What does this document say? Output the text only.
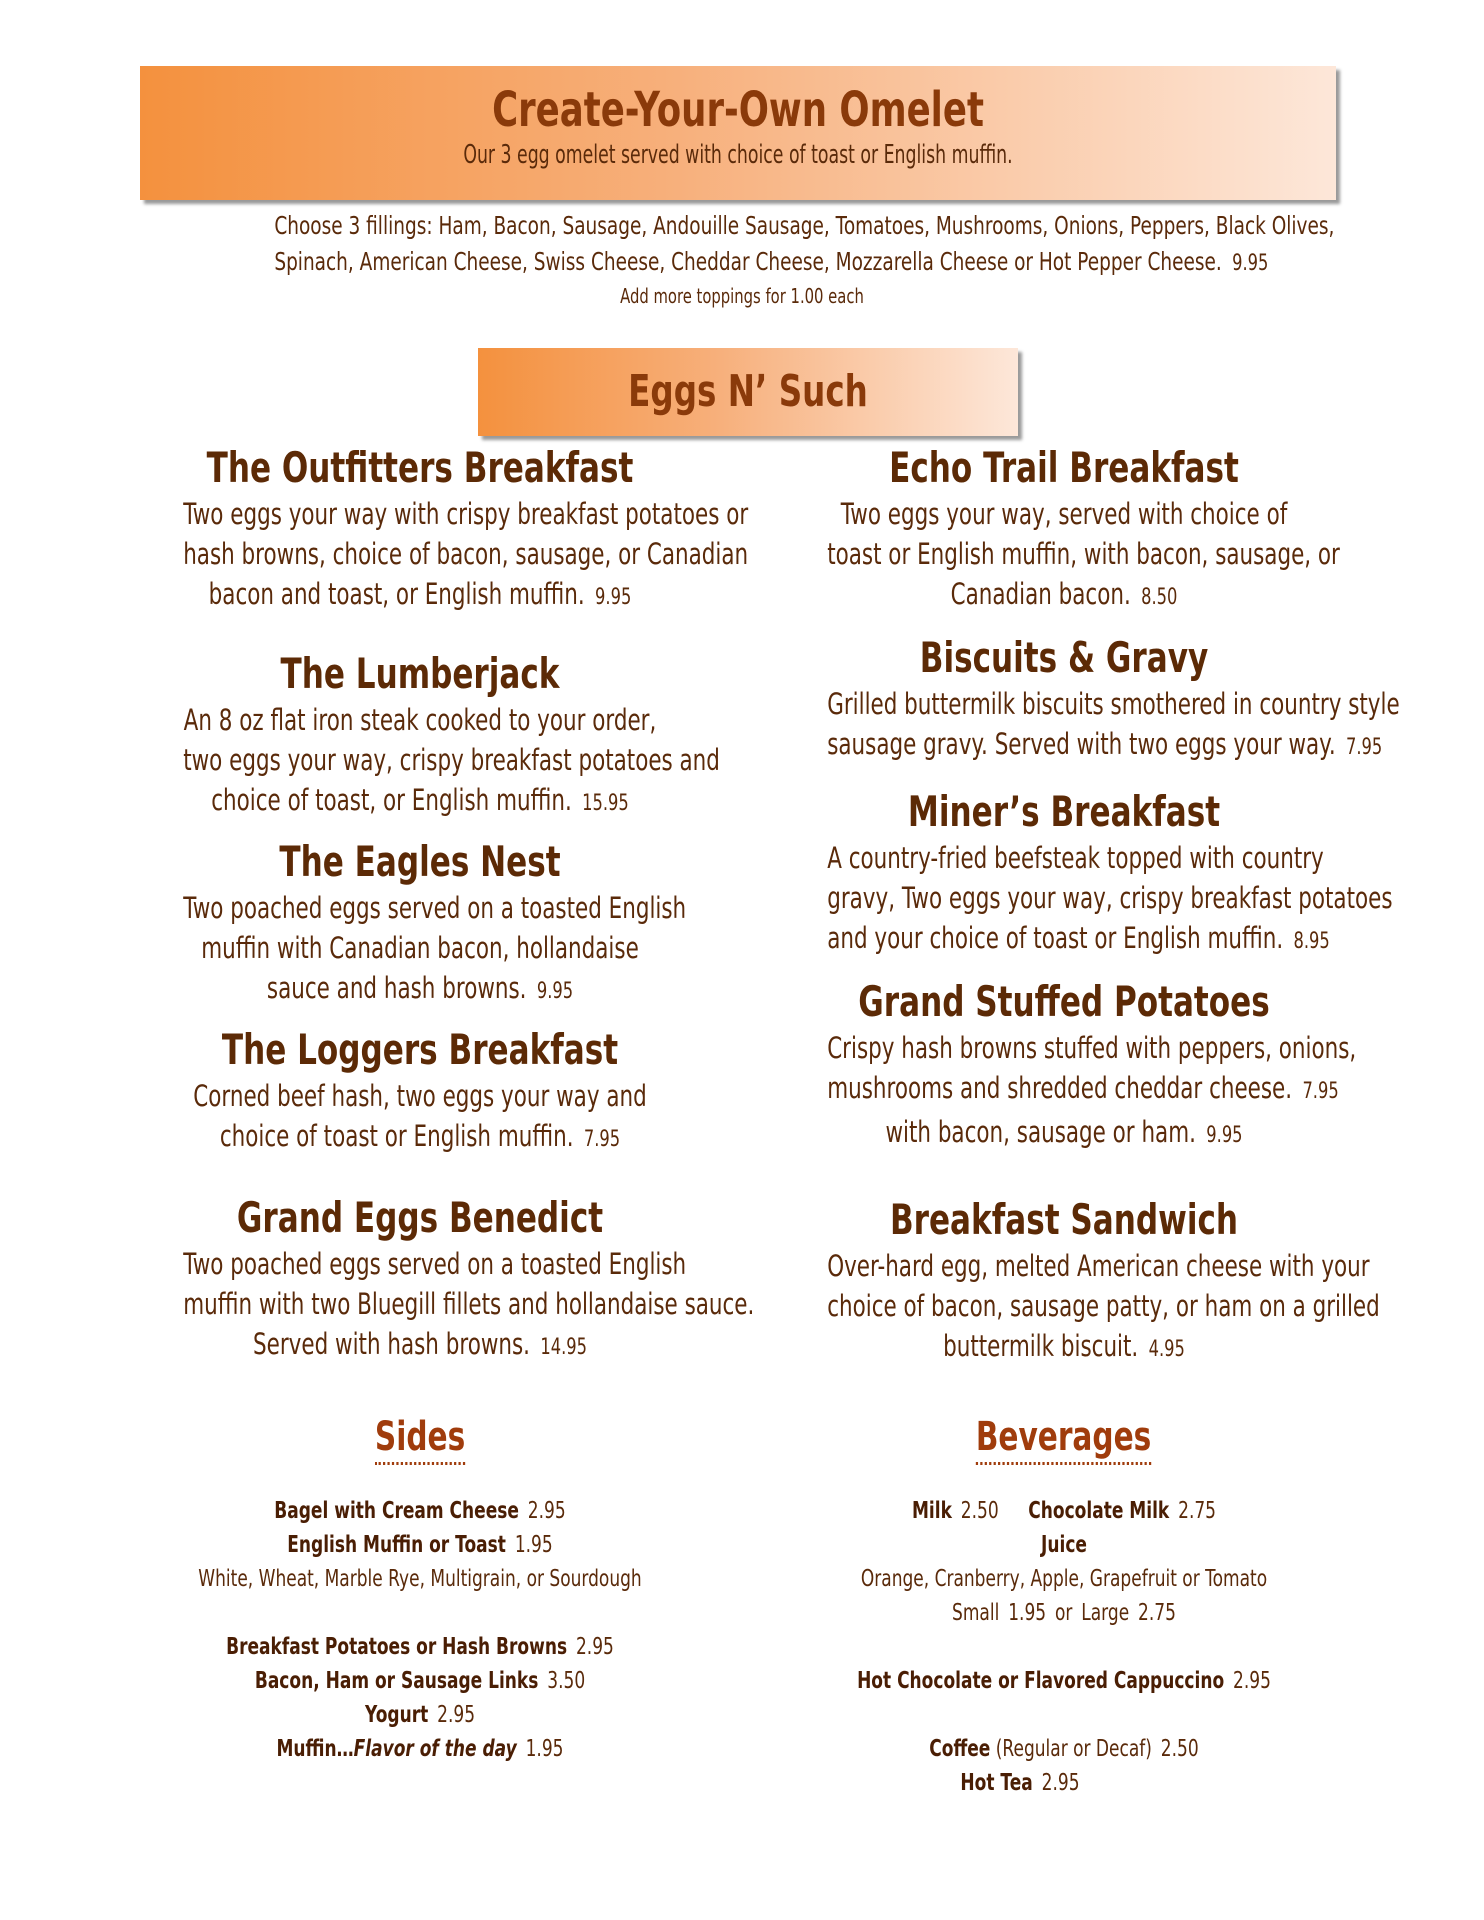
Create-Your-Own Omelet
Our 3 egg omelet served with choice of toast or English muffin.
Choose 3 fillings: Ham, Bacon, Sausage, Andouille Sausage, Tomatoes, Mushrooms, Onions, Peppers, Black Olives,
Spinach, American Cheese, Swiss Cheese, Cheddar Cheese, Mozzarella Cheese or Hot Pepper Cheese. 9.95
Add more toppings for 1.00 each
Eggs N’ Such
The Outfitters Breakfast
Two eggs your way with crispy breakfast potatoes or
hash browns, choice of bacon, sausage, or Canadian
bacon and toast, or English muffin. 9.95
The Lumberjack
An 8 oz flat iron steak cooked to your order,
two eggs your way, crispy breakfast potatoes and
choice of toast, or English muffin. 15.95
The Eagles Nest
Two poached eggs served on a toasted English
muffin with Canadian bacon, hollandaise
sauce and hash browns. 9.95
The Loggers Breakfast
Corned beef hash, two eggs your way and
choice of toast or English muffin. 7.95
Grand Eggs Benedict
Two poached eggs served on a toasted English
muffin with two Bluegill fillets and hollandaise sauce.
Served with hash browns. 14.95
Echo Trail Breakfast
Two eggs your way, served with choice of
toast or English muffin, with bacon, sausage, or
Canadian bacon. 8.50
Biscuits & Gravy
Grilled buttermilk biscuits smothered in country style
sausage gravy. Served with two eggs your way. 7.95
Miner’s Breakfast
A country-fried beefsteak topped with country
gravy, Two eggs your way, crispy breakfast potatoes
and your choice of toast or English muffin. 8.95
Grand Stuffed Potatoes
Crispy hash browns stuffed with peppers, onions,
mushrooms and shredded cheddar cheese. 7.95
with bacon, sausage or ham. 9.95
Breakfast Sandwich
Over-hard egg, melted American cheese with your
choice of bacon, sausage patty, or ham on a grilled
buttermilk biscuit. 4.95
Sides
Bagel with Cream Cheese 2.95
English Muffin or Toast 1.95
White, Wheat, Marble Rye, Multigrain, or Sourdough
Breakfast Potatoes or Hash Browns 2.95
Bacon, Ham or Sausage Links 3.50
Yogurt 2.95
Muffin…Flavor of the day 1.95
Beverages
Milk 2.50 Chocolate Milk 2.75
Juice
Orange, Cranberry, Apple, Grapefruit or Tomato
Small 1.95 or Large 2.75
Hot Chocolate or Flavored Cappuccino 2.95
Coffee (Regular or Decaf) 2.50
Hot Tea 2.95
